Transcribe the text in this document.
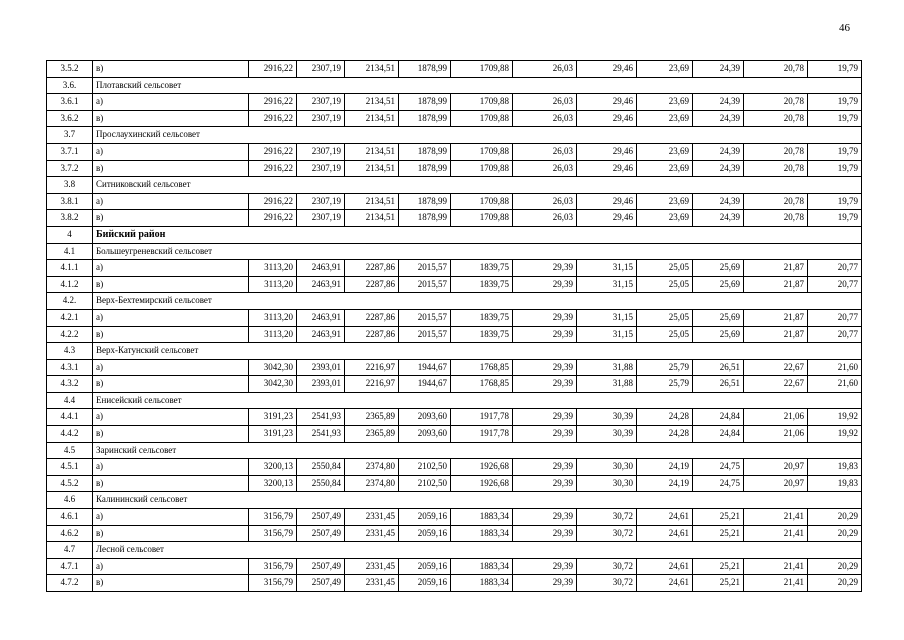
46
3.5.2	в)	2916,22	2307,19	2134,51	1878,99	1709,88	26,03	29,46	23,69	24,39	20,78	19,79
3.6.	Плотавский сельсовет											
3.6.1	а)	2916,22	2307,19	2134,51	1878,99	1709,88	26,03	29,46	23,69	24,39	20,78	19,79
3.6.2	в)	2916,22	2307,19	2134,51	1878,99	1709,88	26,03	29,46	23,69	24,39	20,78	19,79
3.7	Прослаухинский сельсовет											
3.7.1	а)	2916,22	2307,19	2134,51	1878,99	1709,88	26,03	29,46	23,69	24,39	20,78	19,79
3.7.2	в)	2916,22	2307,19	2134,51	1878,99	1709,88	26,03	29,46	23,69	24,39	20,78	19,79
3.8	Ситниковский сельсовет											
3.8.1	а)	2916,22	2307,19	2134,51	1878,99	1709,88	26,03	29,46	23,69	24,39	20,78	19,79
3.8.2	в)	2916,22	2307,19	2134,51	1878,99	1709,88	26,03	29,46	23,69	24,39	20,78	19,79
4	Бийский район											
4.1	Большеугреневский сельсовет											
4.1.1	а)	3113,20	2463,91	2287,86	2015,57	1839,75	29,39	31,15	25,05	25,69	21,87	20,77
4.1.2	в)	3113,20	2463,91	2287,86	2015,57	1839,75	29,39	31,15	25,05	25,69	21,87	20,77
4.2.	Верх-Бехтемирский сельсовет											
4.2.1	а)	3113,20	2463,91	2287,86	2015,57	1839,75	29,39	31,15	25,05	25,69	21,87	20,77
4.2.2	в)	3113,20	2463,91	2287,86	2015,57	1839,75	29,39	31,15	25,05	25,69	21,87	20,77
4.3	Верх-Катунский сельсовет											
4.3.1	а)	3042,30	2393,01	2216,97	1944,67	1768,85	29,39	31,88	25,79	26,51	22,67	21,60
4.3.2	в)	3042,30	2393,01	2216,97	1944,67	1768,85	29,39	31,88	25,79	26,51	22,67	21,60
4.4	Енисейский сельсовет											
4.4.1	а)	3191,23	2541,93	2365,89	2093,60	1917,78	29,39	30,39	24,28	24,84	21,06	19,92
4.4.2	в)	3191,23	2541,93	2365,89	2093,60	1917,78	29,39	30,39	24,28	24,84	21,06	19,92
4.5	Заринский сельсовет											
4.5.1	а)	3200,13	2550,84	2374,80	2102,50	1926,68	29,39	30,30	24,19	24,75	20,97	19,83
4.5.2	в)	3200,13	2550,84	2374,80	2102,50	1926,68	29,39	30,30	24,19	24,75	20,97	19,83
4.6	Калининский сельсовет											
4.6.1	а)	3156,79	2507,49	2331,45	2059,16	1883,34	29,39	30,72	24,61	25,21	21,41	20,29
4.6.2	в)	3156,79	2507,49	2331,45	2059,16	1883,34	29,39	30,72	24,61	25,21	21,41	20,29
4.7	Лесной сельсовет											
4.7.1	а)	3156,79	2507,49	2331,45	2059,16	1883,34	29,39	30,72	24,61	25,21	21,41	20,29
4.7.2	в)	3156,79	2507,49	2331,45	2059,16	1883,34	29,39	30,72	24,61	25,21	21,41	20,29
